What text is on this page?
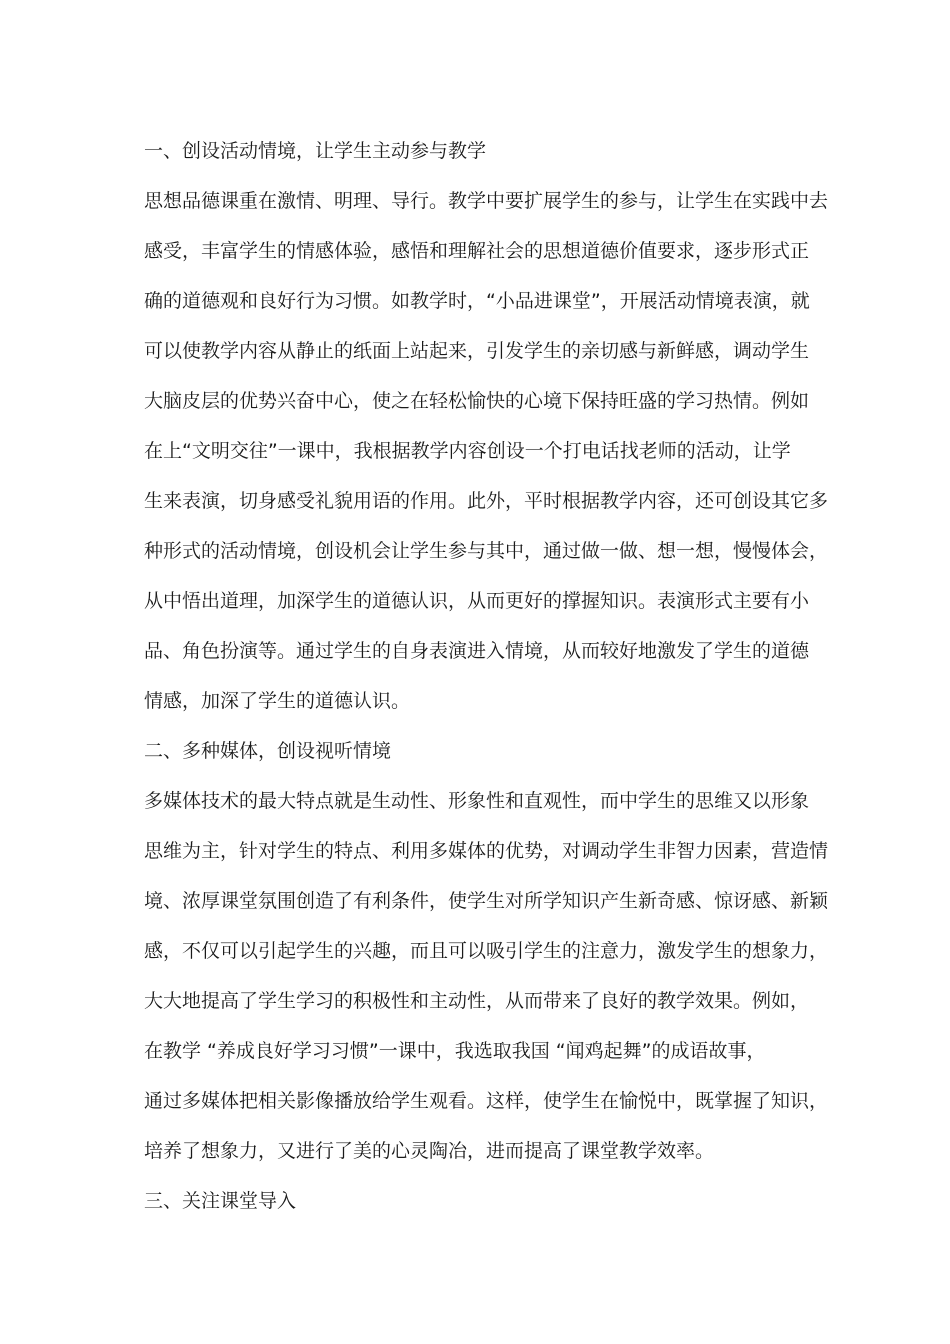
一、创设活动情境，让学生主动参与教学
思想品德课重在激情、明理、导行。教学中要扩展学生的参与，让学生在实践中去
感受，丰富学生的情感体验，感悟和理解社会的思想道德价值要求，逐步形式正
确的道德观和良好行为习惯。如教学时，“小品进课堂”，开展活动情境表演，就
可以使教学内容从静止的纸面上站起来，引发学生的亲切感与新鲜感，调动学生
大脑皮层的优势兴奋中心，使之在轻松愉快的心境下保持旺盛的学习热情。例如
在上“文明交往”一课中，我根据教学内容创设一个打电话找老师的活动，让学
生来表演，切身感受礼貌用语的作用。此外，平时根据教学内容，还可创设其它多
种形式的活动情境，创设机会让学生参与其中，通过做一做、想一想，慢慢体会，
从中悟出道理，加深学生的道德认识，从而更好的撑握知识。表演形式主要有小
品、角色扮演等。通过学生的自身表演进入情境，从而较好地激发了学生的道德
情感，加深了学生的道德认识。
二、多种媒体，创设视听情境
多媒体技术的最大特点就是生动性、形象性和直观性，而中学生的思维又以形象
思维为主，针对学生的特点、利用多媒体的优势，对调动学生非智力因素，营造情
境、浓厚课堂氛围创造了有利条件，使学生对所学知识产生新奇感、惊讶感、新颖
感，不仅可以引起学生的兴趣，而且可以吸引学生的注意力，激发学生的想象力，
大大地提高了学生学习的积极性和主动性，从而带来了良好的教学效果。例如，
在教学 “养成良好学习习惯”一课中，我选取我国 “闻鸡起舞”的成语故事，
通过多媒体把相关影像播放给学生观看。这样，使学生在愉悦中，既掌握了知识，
培养了想象力，又进行了美的心灵陶冶，进而提高了课堂教学效率。
三、关注课堂导入
